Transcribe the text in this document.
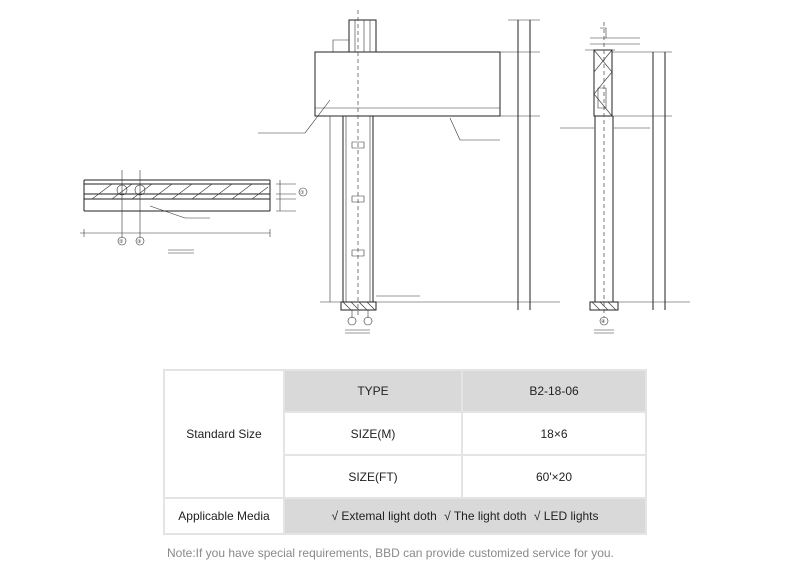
①
②	③
④
Standard Size	TYPE	B2-18-06
	SIZE(M)	18×6
	SIZE(FT)	60'×20
Applicable Media	√ Extemal light doth √ The light doth √ LED lights	
Note:If you have special requirements, BBD can provide customized service for you.
